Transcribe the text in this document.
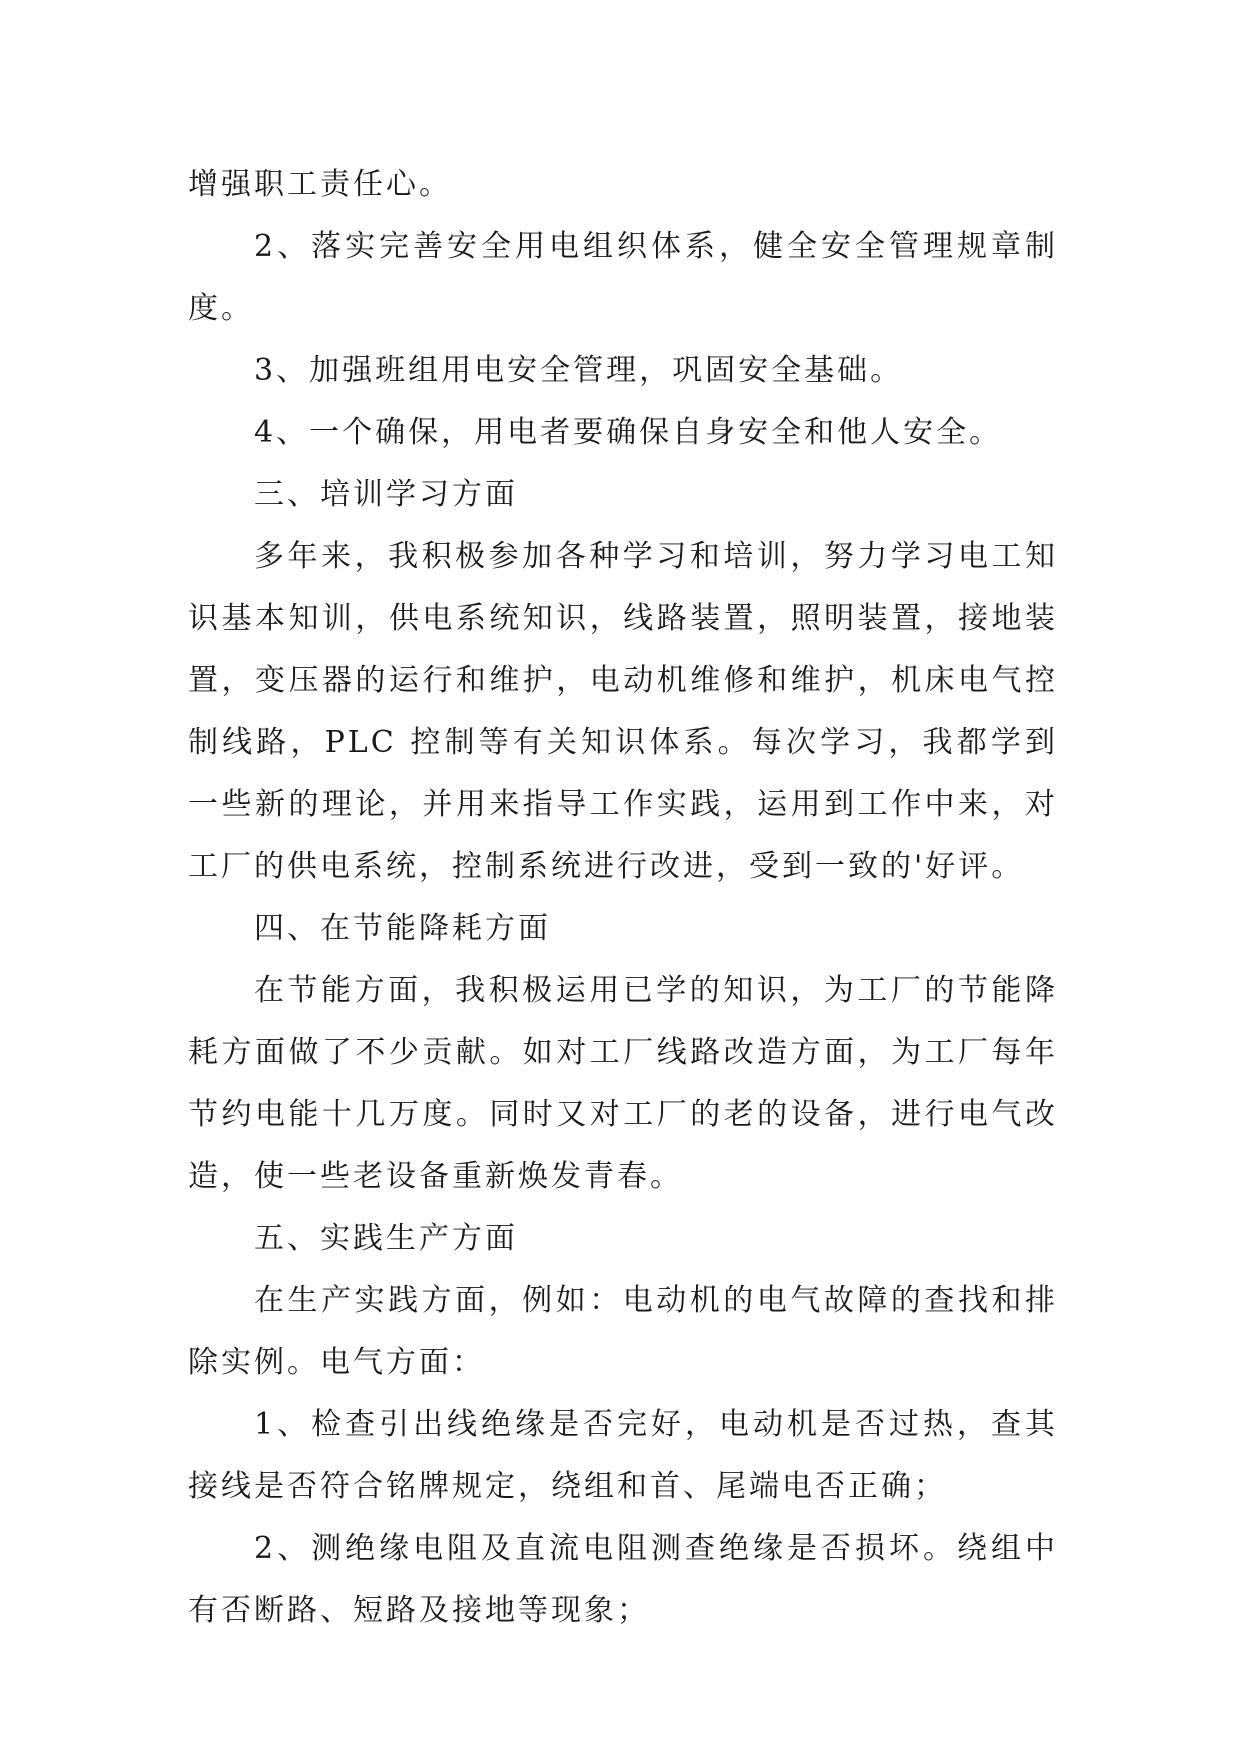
增强职工责任心。

2、落实完善安全用电组织体系，健全安全管理规章制度。

3、加强班组用电安全管理，巩固安全基础。

4、一个确保，用电者要确保自身安全和他人安全。

三、培训学习方面

多年来，我积极参加各种学习和培训，努力学习电工知识基本知训，供电系统知识，线路装置，照明装置，接地装置，变压器的运行和维护，电动机维修和维护，机床电气控制线路，PLC 控制等有关知识体系。每次学习，我都学到一些新的理论，并用来指导工作实践，运用到工作中来，对工厂的供电系统，控制系统进行改进，受到一致的'好评。

四、在节能降耗方面

在节能方面，我积极运用已学的知识，为工厂的节能降耗方面做了不少贡献。如对工厂线路改造方面，为工厂每年节约电能十几万度。同时又对工厂的老的设备，进行电气改造，使一些老设备重新焕发青春。

五、实践生产方面

在生产实践方面，例如：电动机的电气故障的查找和排除实例。电气方面：

1、检查引出线绝缘是否完好，电动机是否过热，查其接线是否符合铭牌规定，绕组和首、尾端电否正确；

2、测绝缘电阻及直流电阻测查绝缘是否损坏。绕组中有否断路、短路及接地等现象；
